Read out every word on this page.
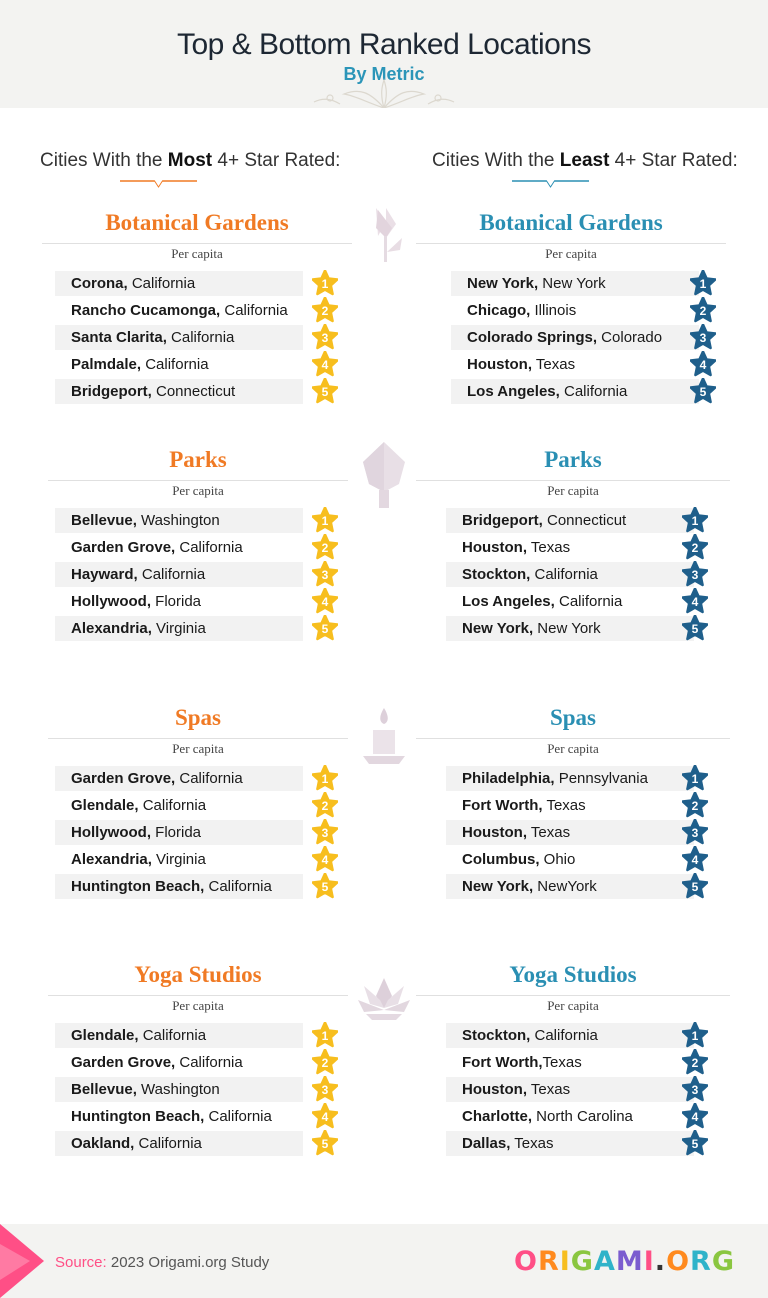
Top & Bottom Ranked Locations
By Metric
Cities With the Most 4+ Star Rated:	Cities With the Least 4+ Star Rated:
Botanical Gardens
Per capita
Corona, California	1
Rancho Cucamonga, California	2
Santa Clarita, California	3
Palmdale, California	4
Bridgeport, Connecticut	5
Botanical Gardens
Per capita
New York, New York	1
Chicago, Illinois	2
Colorado Springs, Colorado	3
Houston, Texas	4
Los Angeles, California	5
Parks
Per capita
Bellevue, Washington	1
Garden Grove, California	2
Hayward, California	3
Hollywood, Florida	4
Alexandria, Virginia	5
Parks
Per capita
Bridgeport, Connecticut	1
Houston, Texas	2
Stockton, California	3
Los Angeles, California	4
New York, New York	5
Spas
Per capita
Garden Grove, California	1
Glendale, California	2
Hollywood, Florida	3
Alexandria, Virginia	4
Huntington Beach, California	5
Spas
Per capita
Philadelphia, Pennsylvania	1
Fort Worth, Texas	2
Houston, Texas	3
Columbus, Ohio	4
New York, NewYork	5
Yoga Studios
Per capita
Glendale, California	1
Garden Grove, California	2
Bellevue, Washington	3
Huntington Beach, California	4
Oakland, California	5
Yoga Studios
Per capita
Stockton, California	1
Fort Worth,Texas	2
Houston, Texas	3
Charlotte, North Carolina	4
Dallas, Texas	5
Source: 2023 Origami.org Study	ORIGAMI.ORG
